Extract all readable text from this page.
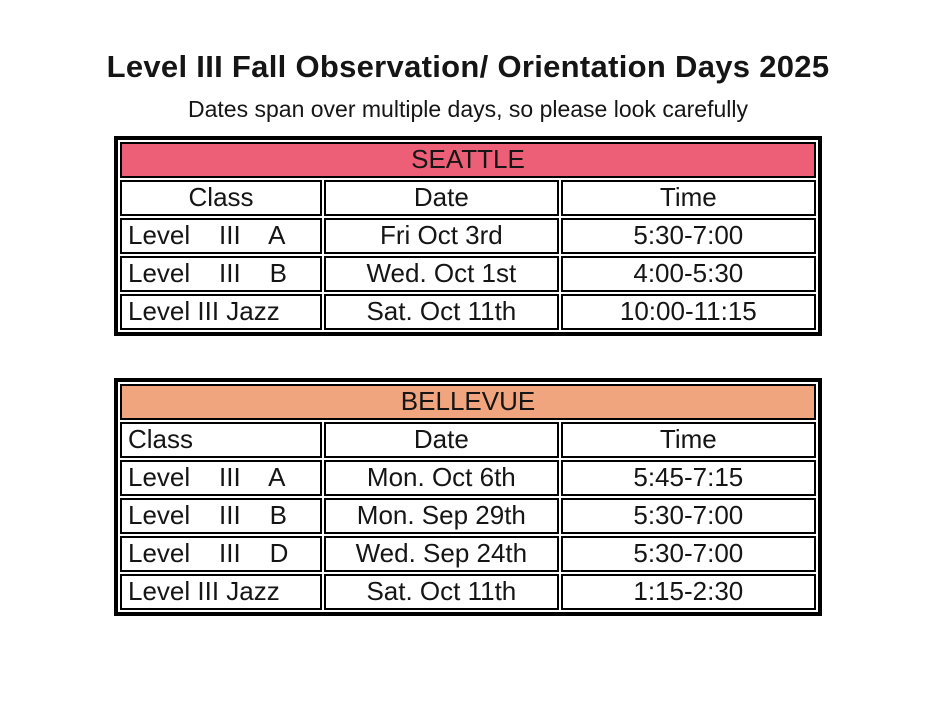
Level III Fall Observation/ Orientation Days 2025
Dates span over multiple days, so please look carefully
SEATTLE		
Class	Date	Time
Level    III    A	Fri Oct 3rd	5:30-7:00
Level    III    B	Wed. Oct 1st	4:00-5:30
Level III Jazz	Sat. Oct 11th	10:00-11:15
BELLEVUE		
Class	Date	Time
Level    III    A	Mon. Oct 6th	5:45-7:15
Level    III    B	Mon. Sep 29th	5:30-7:00
Level    III    D	Wed. Sep 24th	5:30-7:00
Level III Jazz	Sat. Oct 11th	1:15-2:30
